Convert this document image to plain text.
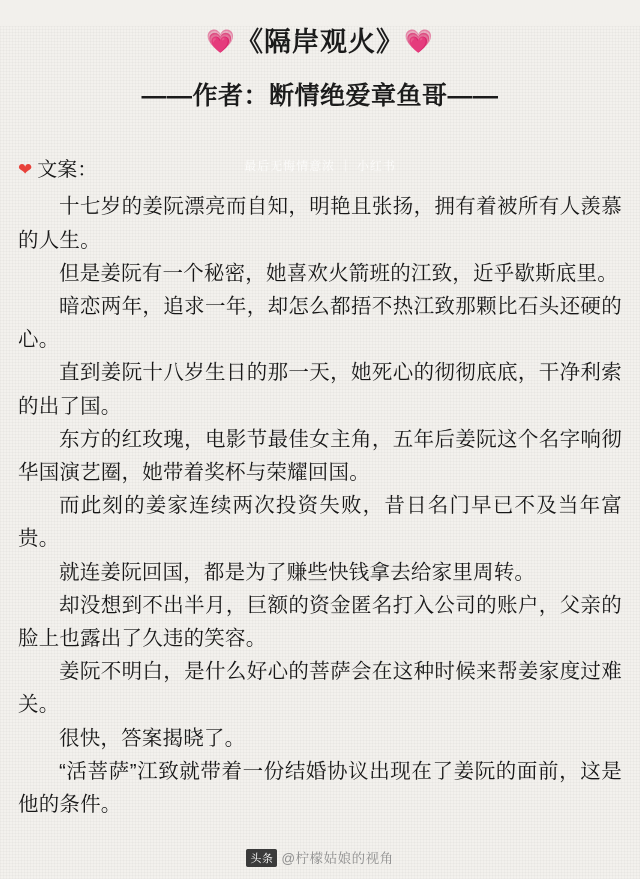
💗《隔岸观火》💗
——作者：断情绝爱章鱼哥——
最后无悔情意浓 ｜ 小红书
❤ 文案：

十七岁的姜阮漂亮而自知，明艳且张扬，拥有着被所有人羡慕的人生。

但是姜阮有一个秘密，她喜欢火箭班的江致，近乎歇斯底里。

暗恋两年，追求一年，却怎么都捂不热江致那颗比石头还硬的心。

直到姜阮十八岁生日的那一天，她死心的彻彻底底，干净利索的出了国。

东方的红玫瑰，电影节最佳女主角，五年后姜阮这个名字响彻华国演艺圈，她带着奖杯与荣耀回国。

而此刻的姜家连续两次投资失败，昔日名门早已不及当年富贵。

就连姜阮回国，都是为了赚些快钱拿去给家里周转。

却没想到不出半月，巨额的资金匿名打入公司的账户，父亲的脸上也露出了久违的笑容。

姜阮不明白，是什么好心的菩萨会在这种时候来帮姜家度过难关。

很快，答案揭晓了。

“活菩萨”江致就带着一份结婚协议出现在了姜阮的面前，这是他的条件。

头条 @柠檬姑娘的视角
